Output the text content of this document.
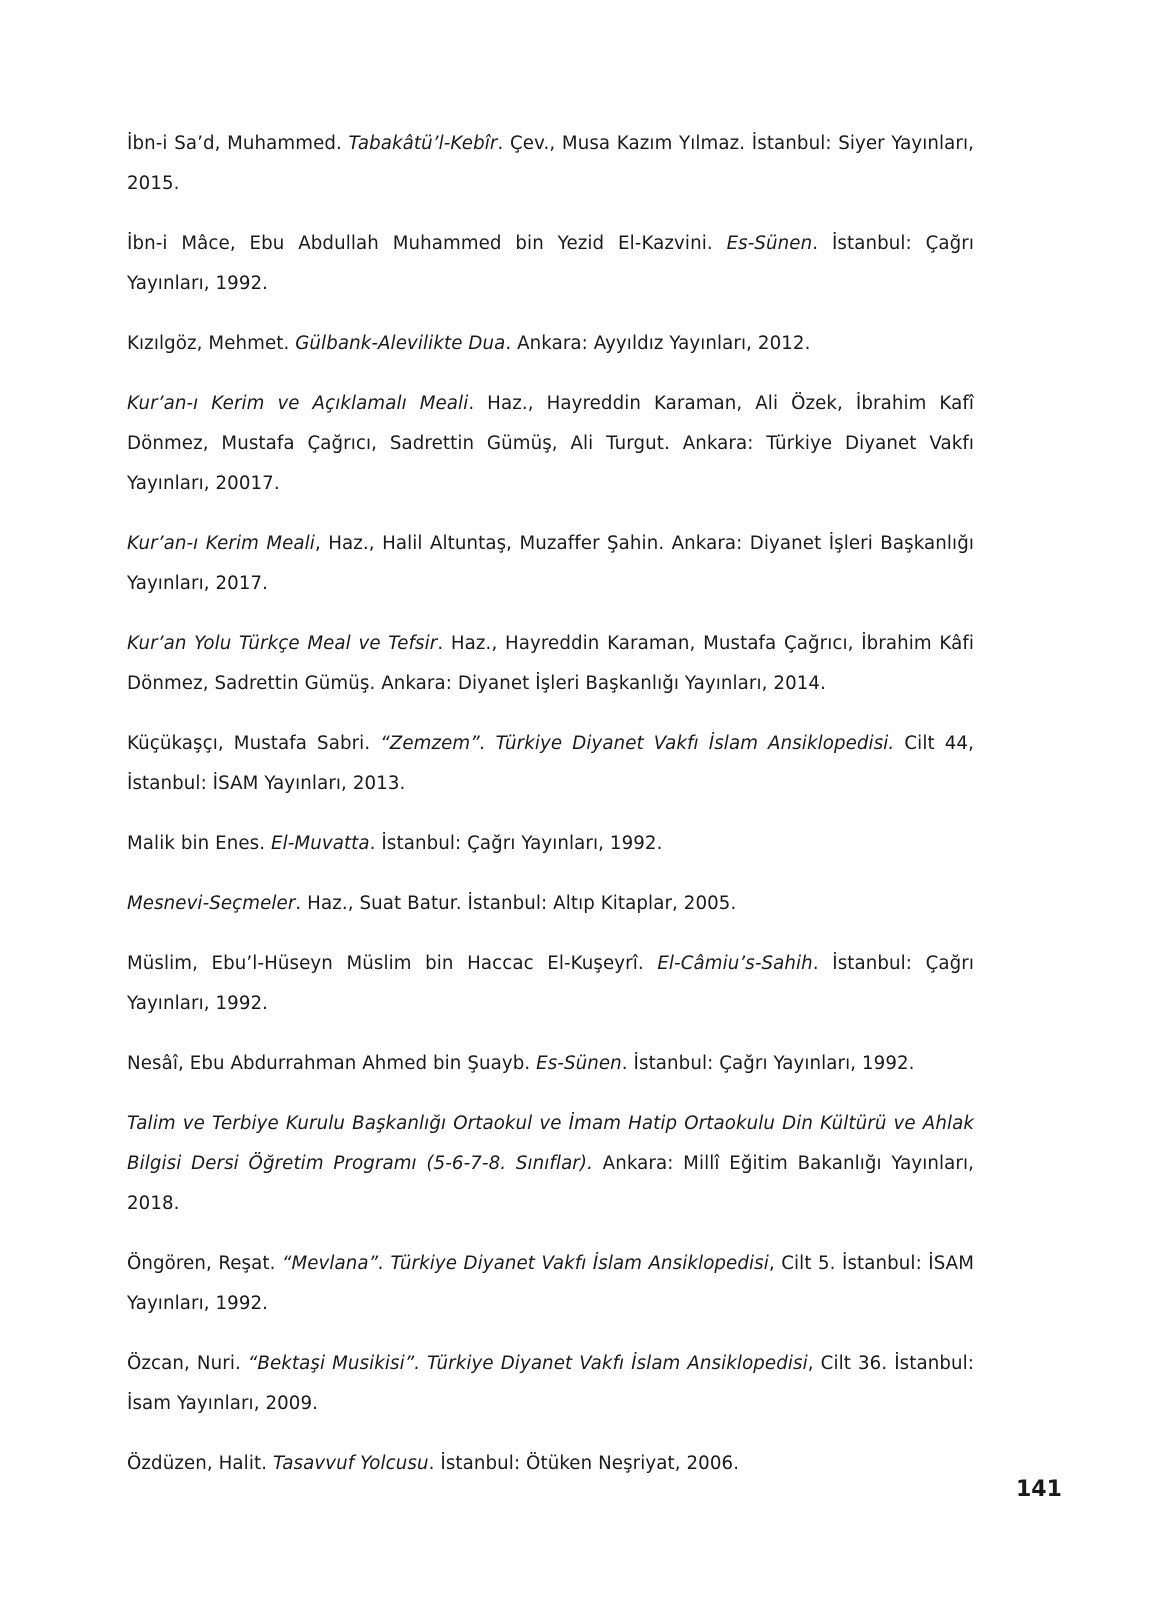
İbn-i Sa’d, Muhammed. Tabakâtü’l-Kebîr. Çev., Musa Kazım Yılmaz. İstanbul: Siyer Yayınları, 2015.

İbn-i Mâce, Ebu Abdullah Muhammed bin Yezid El-Kazvini. Es-Sünen. İstanbul: Çağrı Yayınları, 1992.

Kızılgöz, Mehmet. Gülbank-Alevilikte Dua. Ankara: Ayyıldız Yayınları, 2012.

Kur’an-ı Kerim ve Açıklamalı Meali. Haz., Hayreddin Karaman, Ali Özek, İbrahim Kafî Dönmez, Mustafa Çağrıcı, Sadrettin Gümüş, Ali Turgut. Ankara: Türkiye Diyanet Vakfı Yayınları, 20017.

Kur’an-ı Kerim Meali, Haz., Halil Altuntaş, Muzaffer Şahin. Ankara: Diyanet İşleri Başkanlığı Yayınları, 2017.

Kur’an Yolu Türkçe Meal ve Tefsir. Haz., Hayreddin Karaman, Mustafa Çağrıcı, İbrahim Kâfi Dönmez, Sadrettin Gümüş. Ankara: Diyanet İşleri Başkanlığı Yayınları, 2014.

Küçükaşçı, Mustafa Sabri. “Zemzem”. Türkiye Diyanet Vakfı İslam Ansiklopedisi. Cilt 44, İstanbul: İSAM Yayınları, 2013.

Malik bin Enes. El-Muvatta. İstanbul: Çağrı Yayınları, 1992.

Mesnevi-Seçmeler. Haz., Suat Batur. İstanbul: Altıp Kitaplar, 2005.

Müslim, Ebu’l-Hüseyn Müslim bin Haccac El-Kuşeyrî. El-Câmiu’s-Sahih. İstanbul: Çağrı Yayınları, 1992.

Nesâî, Ebu Abdurrahman Ahmed bin Şuayb. Es-Sünen. İstanbul: Çağrı Yayınları, 1992.

Talim ve Terbiye Kurulu Başkanlığı Ortaokul ve İmam Hatip Ortaokulu Din Kültürü ve Ahlak Bilgisi Dersi Öğretim Programı (5-6-7-8. Sınıflar). Ankara: Millî Eğitim Bakanlığı Yayınları, 2018.

Öngören, Reşat. “Mevlana”. Türkiye Diyanet Vakfı İslam Ansiklopedisi, Cilt 5. İstanbul: İSAM Yayınları, 1992.

Özcan, Nuri. “Bektaşi Musikisi”. Türkiye Diyanet Vakfı İslam Ansiklopedisi, Cilt 36. İstanbul: İsam Yayınları, 2009.

Özdüzen, Halit. Tasavvuf Yolcusu. İstanbul: Ötüken Neşriyat, 2006.

141
